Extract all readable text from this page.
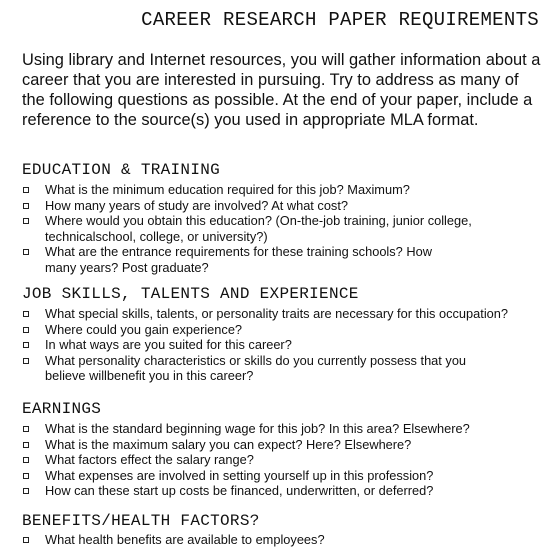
CAREER RESEARCH PAPER REQUIREMENTS

Using library and Internet resources, you will gather information about a career that you are interested in pursuing. Try to address as many of the following questions as possible. At the end of your paper, include a reference to the source(s) you used in appropriate MLA format.

EDUCATION & TRAINING
What is the minimum education required for this job? Maximum?
How many years of study are involved? At what cost?
Where would you obtain this education? (On-the-job training, junior college,
technicalschool, college, or university?)
What are the entrance requirements for these training schools? How
many years? Post graduate?
JOB SKILLS, TALENTS AND EXPERIENCE
What special skills, talents, or personality traits are necessary for this occupation?
Where could you gain experience?
In what ways are you suited for this career?
What personality characteristics or skills do you currently possess that you
believe willbenefit you in this career?
EARNINGS
What is the standard beginning wage for this job? In this area? Elsewhere?
What is the maximum salary you can expect? Here? Elsewhere?
What factors effect the salary range?
What expenses are involved in setting yourself up in this profession?
How can these start up costs be financed, underwritten, or deferred?
BENEFITS/HEALTH FACTORS?
What health benefits are available to employees?
